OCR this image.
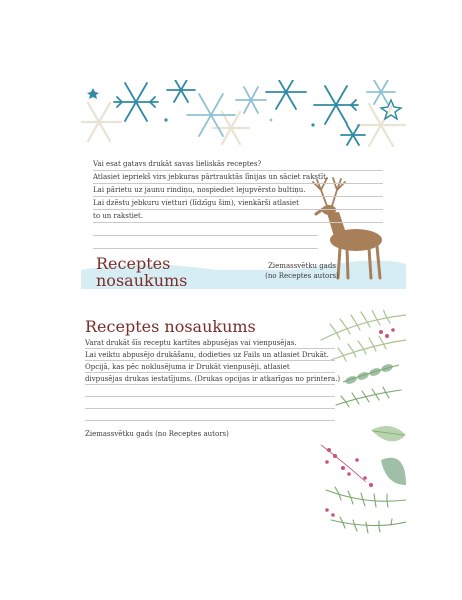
Vai esat gatavs drukāt savas lieliskās receptes?
Atlasiet iepriekš virs jebkuras pārtrauktās līnijas un sāciet rakstīt.
Lai pārietu uz jaunu rindiņu, nospiediet lejupvērsto bultiņu.
Lai dzēstu jebkuru vietturi (līdzīgu šim), vienkārši atlasiet
to un rakstiet.
Receptes
nosaukums
Ziemassvētku gads
(no Receptes autors)
Receptes nosaukums
Varat drukāt šīs receptu kartītes abpusējas vai vienpusējas.
Lai veiktu abpusējo drukāšanu, dodieties uz Fails un atlasiet Drukāt.
Opcijā, kas pēc noklusējuma ir Drukāt vienpusēji, atlasiet
divpusējas drukas iestatījums. (Drukas opcijas ir atkarīgas no printera.)
Ziemassvētku gads (no Receptes autors)
